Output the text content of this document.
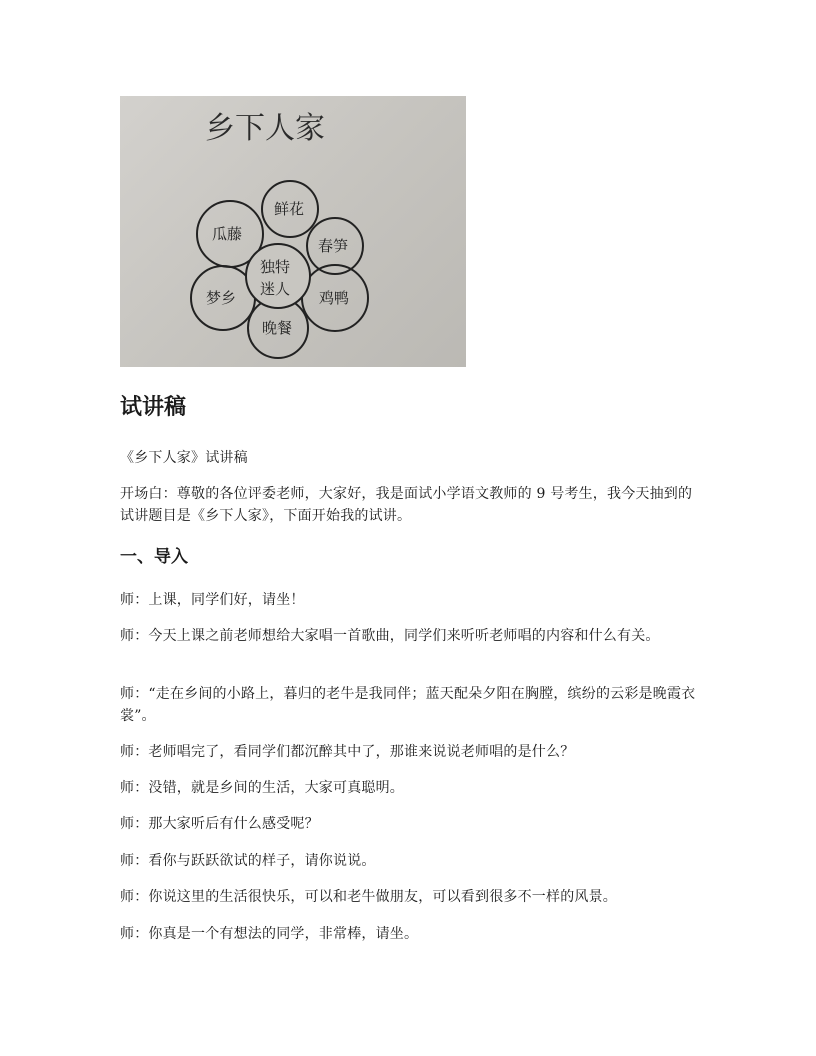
乡下人家
独特
迷人
鲜花
春笋
鸡鸭
晚餐
梦乡
瓜藤
试讲稿

《乡下人家》试讲稿

开场白：尊敬的各位评委老师，大家好，我是面试小学语文教师的 9 号考生，我今天抽到的试讲题目是《乡下人家》，下面开始我的试讲。

一、导入

师：上课，同学们好，请坐！

师：今天上课之前老师想给大家唱一首歌曲，同学们来听听老师唱的内容和什么有关。

师：“走在乡间的小路上，暮归的老牛是我同伴；蓝天配朵夕阳在胸膛，缤纷的云彩是晚霞衣裳”。

师：老师唱完了，看同学们都沉醉其中了，那谁来说说老师唱的是什么？

师：没错，就是乡间的生活，大家可真聪明。

师：那大家听后有什么感受呢？

师：看你与跃跃欲试的样子，请你说说。

师：你说这里的生活很快乐，可以和老牛做朋友，可以看到很多不一样的风景。

师：你真是一个有想法的同学，非常棒，请坐。
